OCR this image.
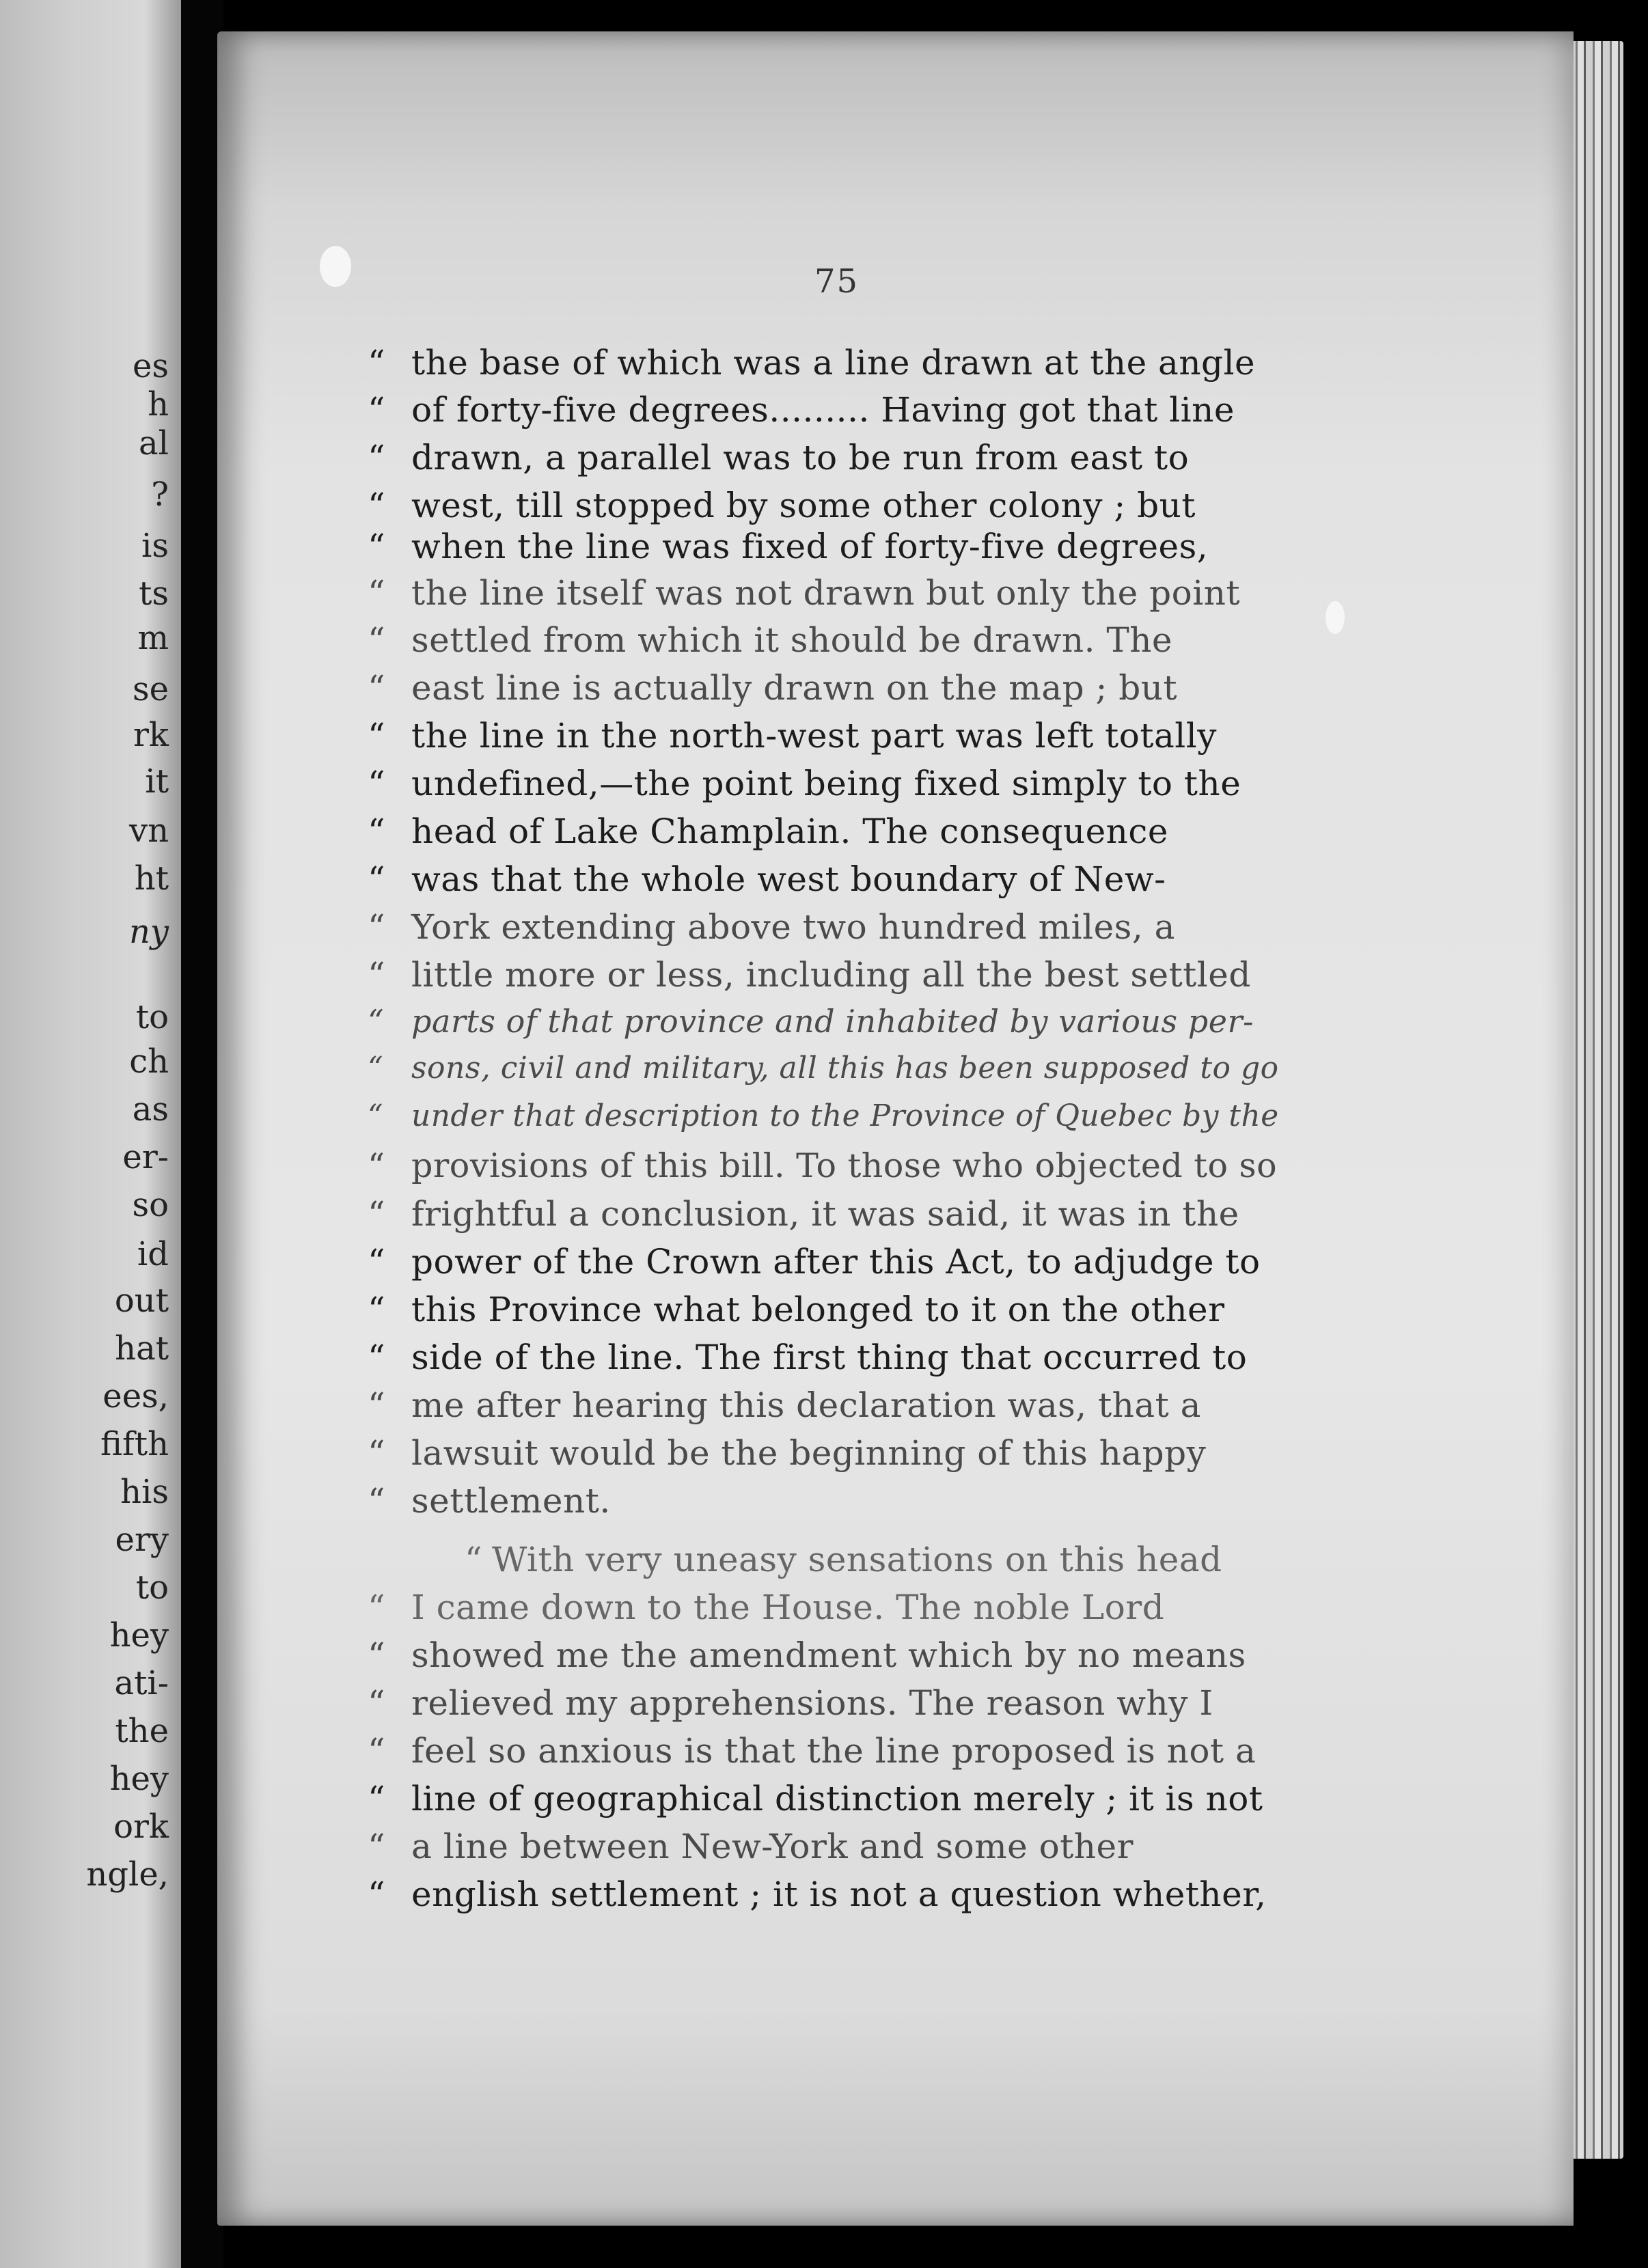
es
h
al
?
is
ts
m
se
rk
it
vn
ht
ny
to
ch
as
er-
so
id
out
hat
ees,
fifth
his
ery
to
hey
ati-
the
hey
ork
ngle,
75
“ the base of which was a line drawn at the angle
“ of forty-five degrees......... Having got that line
“ drawn, a parallel was to be run from east to
“ west, till stopped by some other colony ; but
“ when the line was fixed of forty-five degrees,
“ the line itself was not drawn but only the point
“ settled from which it should be drawn. The
“ east line is actually drawn on the map ; but
“ the line in the north-west part was left totally
“ undefined,—the point being fixed simply to the
“ head of Lake Champlain. The consequence
“ was that the whole west boundary of New-
“ York extending above two hundred miles, a
“ little more or less, including all the best settled
“ parts of that province and inhabited by various per-
“ sons, civil and military, all this has been supposed to go
“ under that description to the Province of Quebec by the
“ provisions of this bill. To those who objected to so
“ frightful a conclusion, it was said, it was in the
“ power of the Crown after this Act, to adjudge to
“ this Province what belonged to it on the other
“ side of the line. The first thing that occurred to
“ me after hearing this declaration was, that a
“ lawsuit would be the beginning of this happy
“ settlement.
“ With very uneasy sensations on this head
“ I came down to the House. The noble Lord
“ showed me the amendment which by no means
“ relieved my apprehensions. The reason why I
“ feel so anxious is that the line proposed is not a
“ line of geographical distinction merely ; it is not
“ a line between New-York and some other
“ english settlement ; it is not a question whether,
